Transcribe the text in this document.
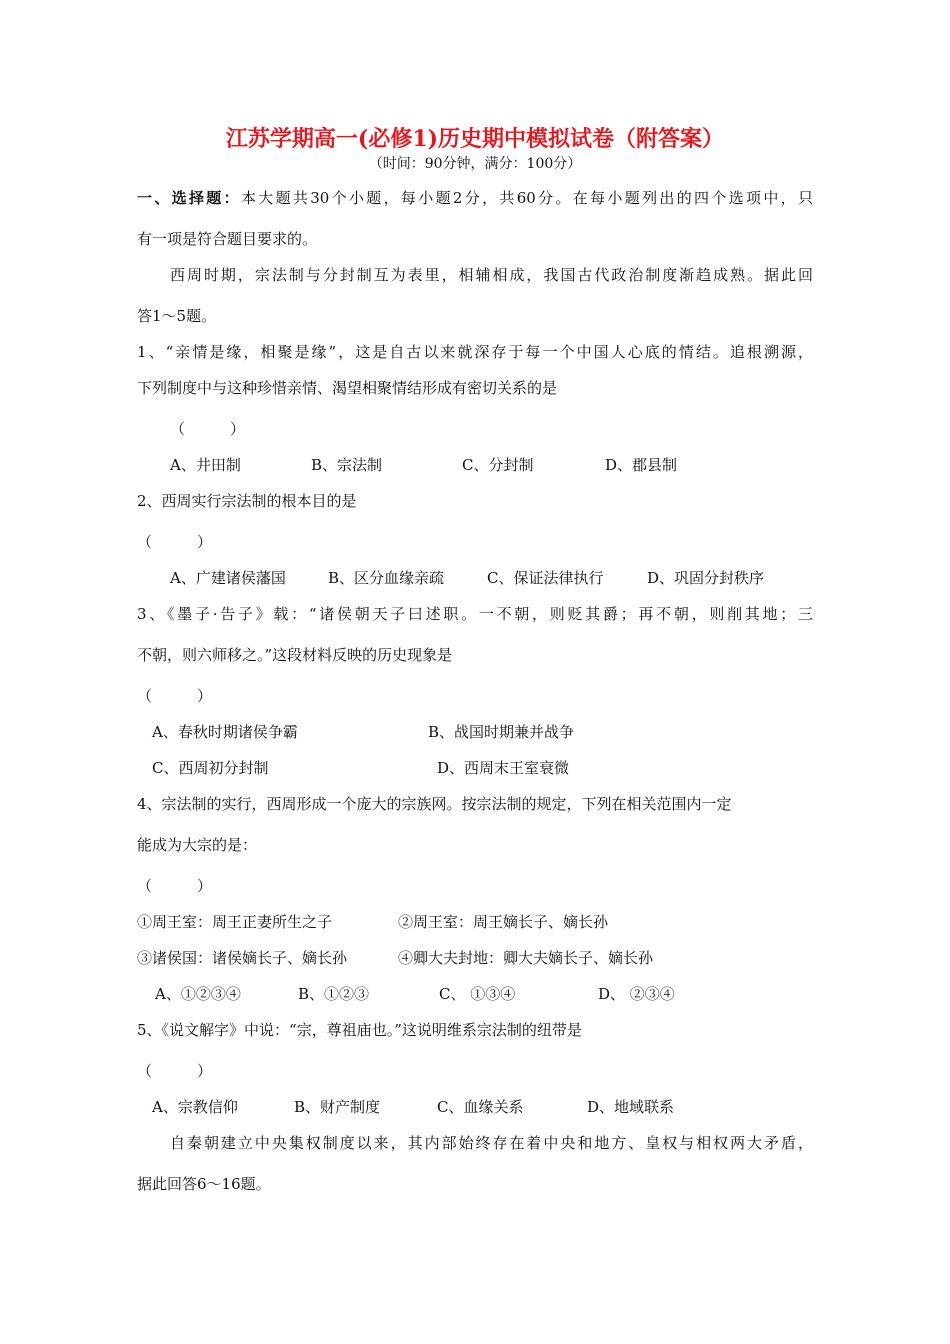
江苏学期高一(必修1)历史期中模拟试卷（附答案）
（时间：90分钟，满分：100分）
一、选择题：本大题共30个小题，每小题2分，共60分。在每小题列出的四个选项中，只
有一项是符合题目要求的。
西周时期，宗法制与分封制互为表里，相辅相成，我国古代政治制度渐趋成熟。据此回
答1～5题。
1、“亲情是缘，相聚是缘”，这是自古以来就深存于每一个中国人心底的情结。追根溯源，
下列制度中与这种珍惜亲情、渴望相聚情结形成有密切关系的是
（　　　）
A、井田制	B、宗法制	C、分封制	D、郡县制
2、西周实行宗法制的根本目的是
（　　　）
A、广建诸侯藩国	B、区分血缘亲疏	C、保证法律执行	D、巩固分封秩序
3、《墨子·告子》载：“诸侯朝天子曰述职。一不朝，则贬其爵；再不朝，则削其地；三
不朝，则六师移之。”这段材料反映的历史现象是
（　　　）
A、春秋时期诸侯争霸	B、战国时期兼并战争
C、西周初分封制	D、西周末王室衰微
4、宗法制的实行，西周形成一个庞大的宗族网。按宗法制的规定，下列在相关范围内一定
能成为大宗的是：
（　　　）
①周王室：周王正妻所生之子	②周王室：周王嫡长子、嫡长孙
③诸侯国：诸侯嫡长子、嫡长孙	④卿大夫封地：卿大夫嫡长子、嫡长孙
A、①②③④	B、①②③	C、 ①③④	D、 ②③④
5、《说文解字》中说：“宗，尊祖庙也。”这说明维系宗法制的纽带是
（　　　）
A、宗教信仰	B、财产制度	C、血缘关系	D、地域联系
自秦朝建立中央集权制度以来，其内部始终存在着中央和地方、皇权与相权两大矛盾，
据此回答6～16题。
